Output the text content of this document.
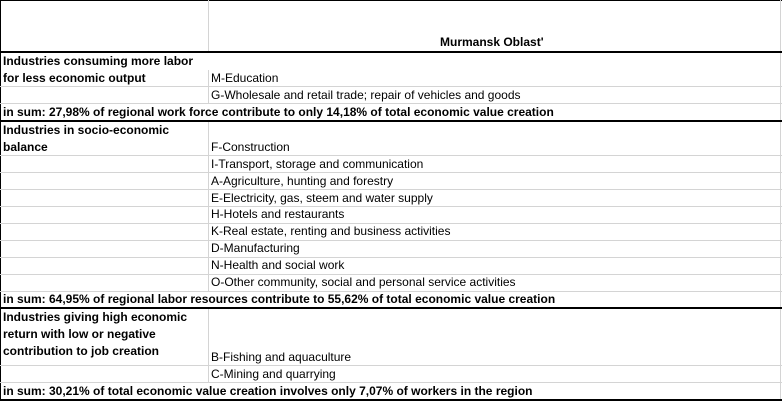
Murmansk Oblast'
Industries consuming more labor for less economic output	M-Education
G-Wholesale and retail trade; repair of vehicles and goods
in sum: 27,98% of regional work force contribute to only 14,18% of total economic value creation
Industries in socio-economic balance	F-Construction
I-Transport, storage and communication
A-Agriculture, hunting and forestry
E-Electricity, gas, steem and water supply
H-Hotels and restaurants
K-Real estate, renting and business activities
D-Manufacturing
N-Health and social work
O-Other community, social and personal service activities
in sum: 64,95% of regional labor resources contribute to 55,62% of total economic value creation
Industries giving high economic return with low or negative contribution to job creation	B-Fishing and aquaculture
C-Mining and quarrying
in sum: 30,21% of total economic value creation involves only 7,07% of workers in the region
